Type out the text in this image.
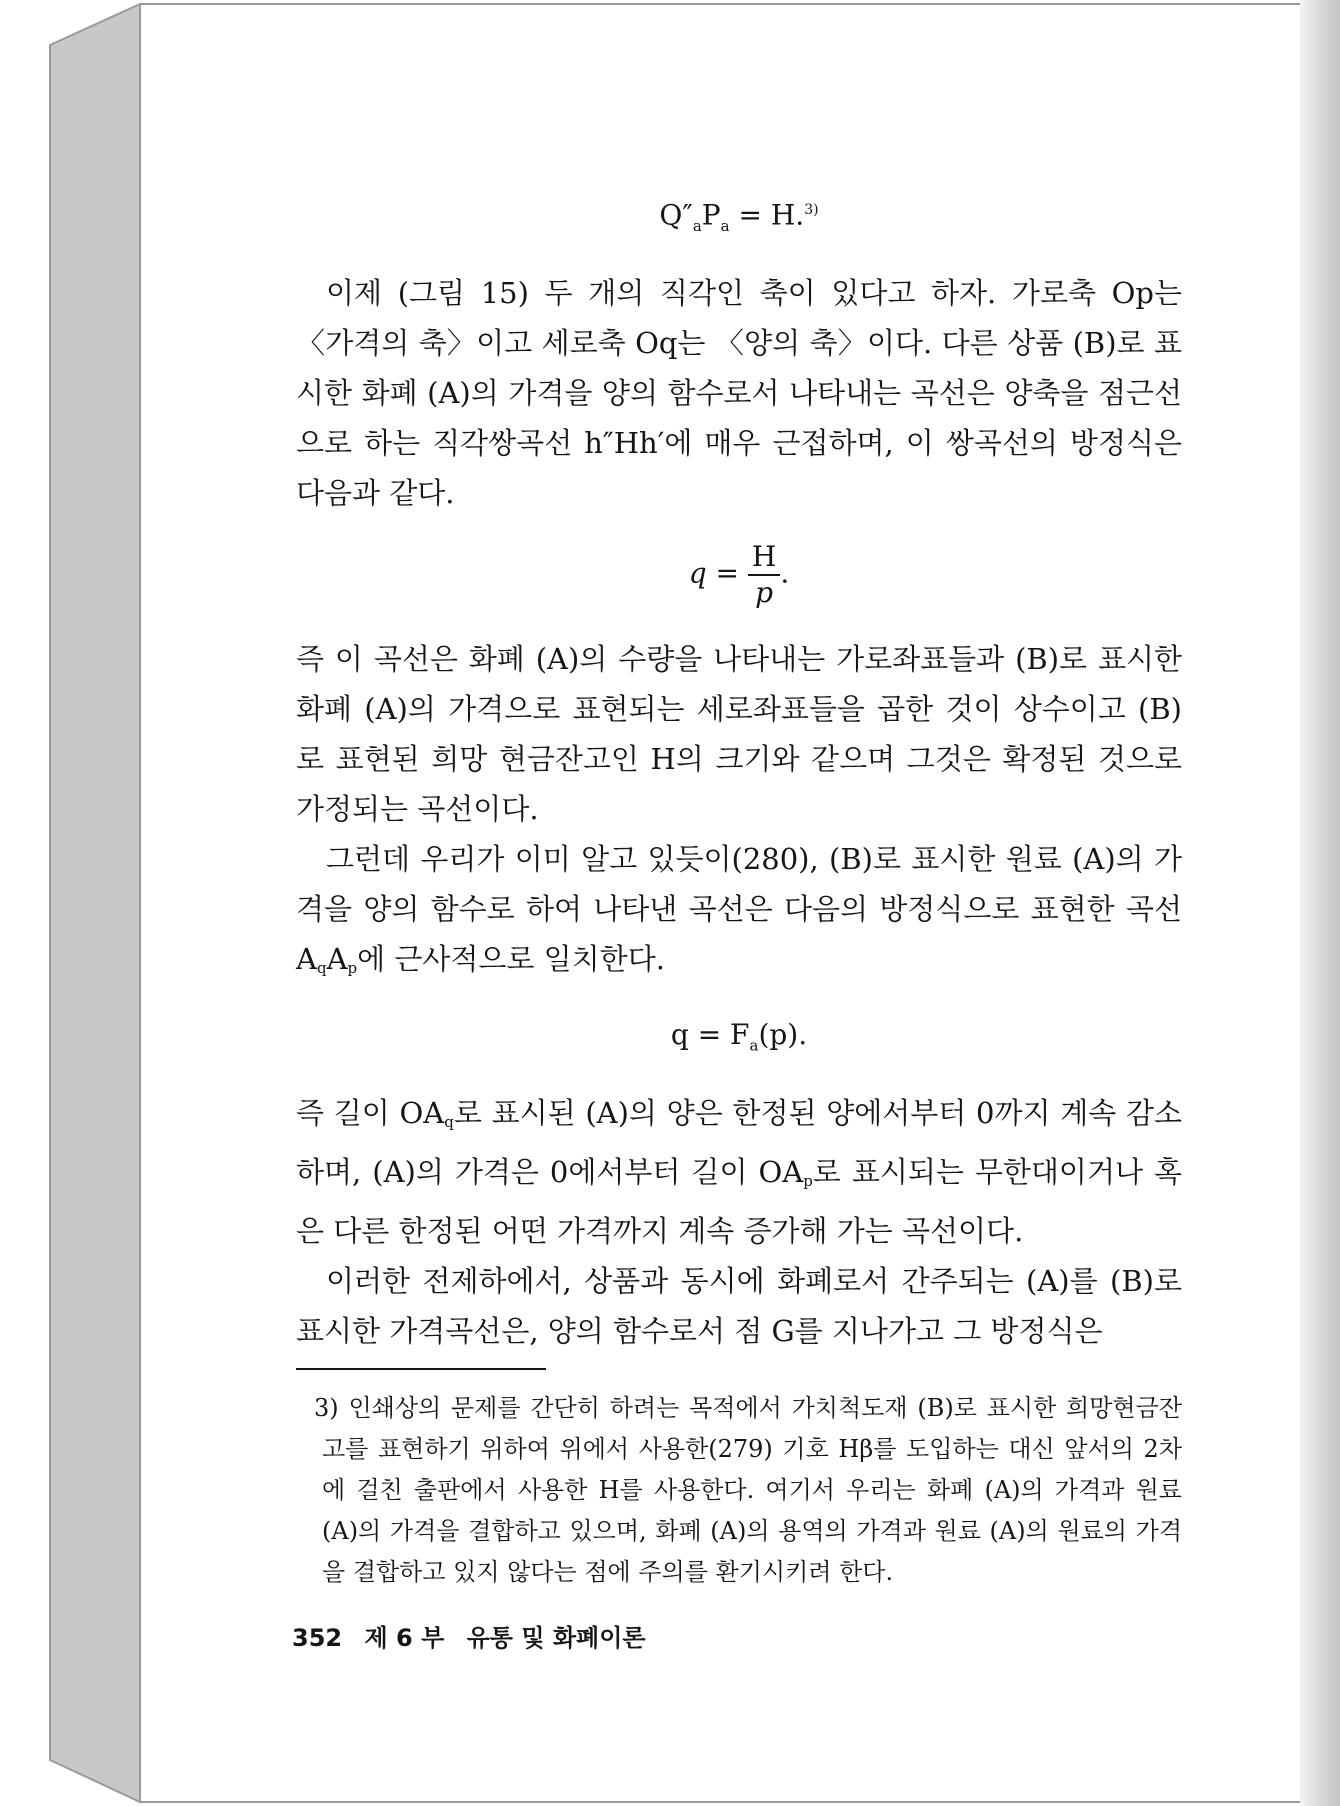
$Q''_aP_a = H.^{3)}$

이제 (그림 15) 두 개의 직각인 축이 있다고 하자. 가로축 Op는 〈가격의 축〉이고 세로축 Oq는 〈양의 축〉이다. 다른 상품 (B)로 표시한 화폐 (A)의 가격을 양의 함수로서 나타내는 곡선은 양축을 점근선으로 하는 직각쌍곡선 h″Hh′에 매우 근접하며, 이 쌍곡선의 방정식은 다음과 같다.

$q = \frac{H}{p}$ .

즉 이 곡선은 화폐 (A)의 수량을 나타내는 가로좌표들과 (B)로 표시한 화폐 (A)의 가격으로 표현되는 세로좌표들을 곱한 것이 상수이고 (B)로 표현된 희망 현금잔고인 H의 크기와 같으며 그것은 확정된 것으로 가정되는 곡선이다.

그런데 우리가 이미 알고 있듯이(280), (B)로 표시한 원료 (A)의 가격을 양의 함수로 하여 나타낸 곡선은 다음의 방정식으로 표현한 곡선 $A_qA_p$에 근사적으로 일치한다.

$q = F_a(p)$.

즉 길이 $OA_q$로 표시된 (A)의 양은 한정된 양에서부터 0까지 계속 감소하며, (A)의 가격은 0에서부터 길이 $OA_p$로 표시되는 무한대이거나 혹은 다른 한정된 어떤 가격까지 계속 증가해 가는 곡선이다.

이러한 전제하에서, 상품과 동시에 화폐로서 간주되는 (A)를 (B)로 표시한 가격곡선은, 양의 함수로서 점 G를 지나가고 그 방정식은

3) 인쇄상의 문제를 간단히 하려는 목적에서 가치척도재 (B)로 표시한 희망현금잔고를 표현하기 위하여 위에서 사용한(279) 기호 Hβ를 도입하는 대신 앞서의 2차에 걸친 출판에서 사용한 H를 사용한다. 여기서 우리는 화폐 (A)의 가격과 원료 (A)의 가격을 결합하고 있으며, 화폐 (A)의 용역의 가격과 원료 (A)의 원료의 가격을 결합하고 있지 않다는 점에 주의를 환기시키려 한다.
352 제 6 부 유통 및 화폐이론
